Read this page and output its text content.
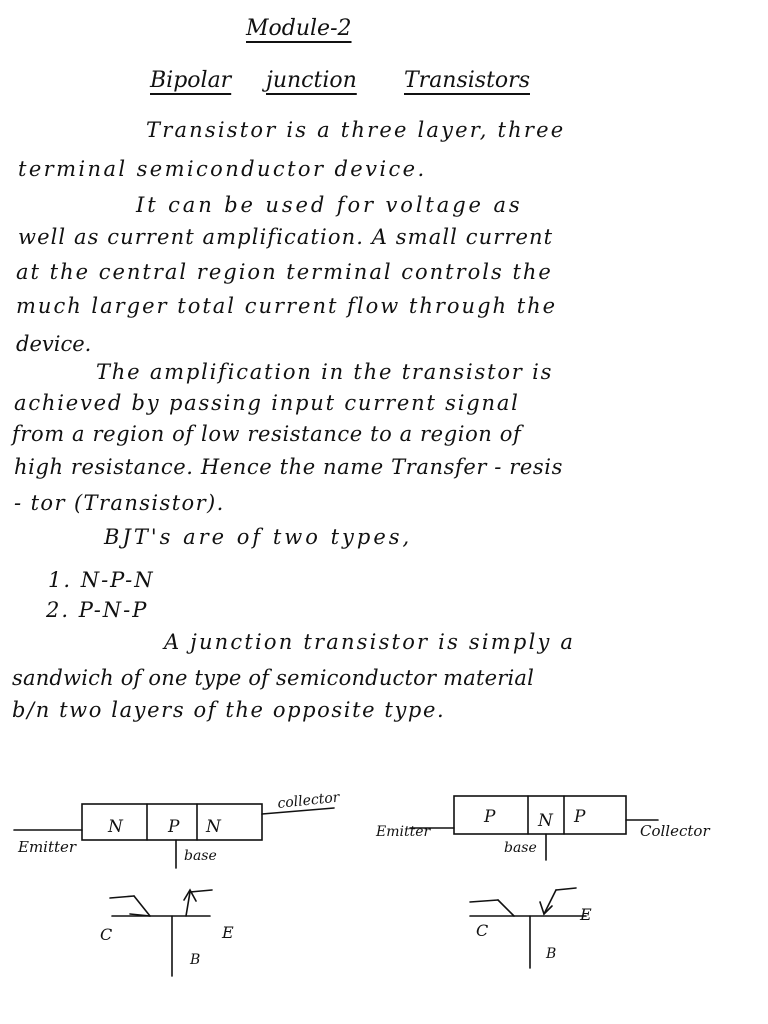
Module-2
Bipolar junction Transistors
Transistor is a three layer, three
terminal semiconductor device.
It can be used for voltage as
well as current amplification. A small current
at the central region terminal controls the
much larger total current flow through the
device.
The amplification in the transistor is
achieved by passing input current signal
from a region of low resistance to a region of
high resistance. Hence the name Transfer - resis
- tor (Transistor).
BJT's are of two types,
1. N-P-N
2. P-N-P
A junction transistor is simply a
sandwich of one type of semiconductor material
b/n two layers of the opposite type.
N	P N
Emitter
collector
base
C	E
B
P	N P
Emitter	Collector
base
C
E
B
